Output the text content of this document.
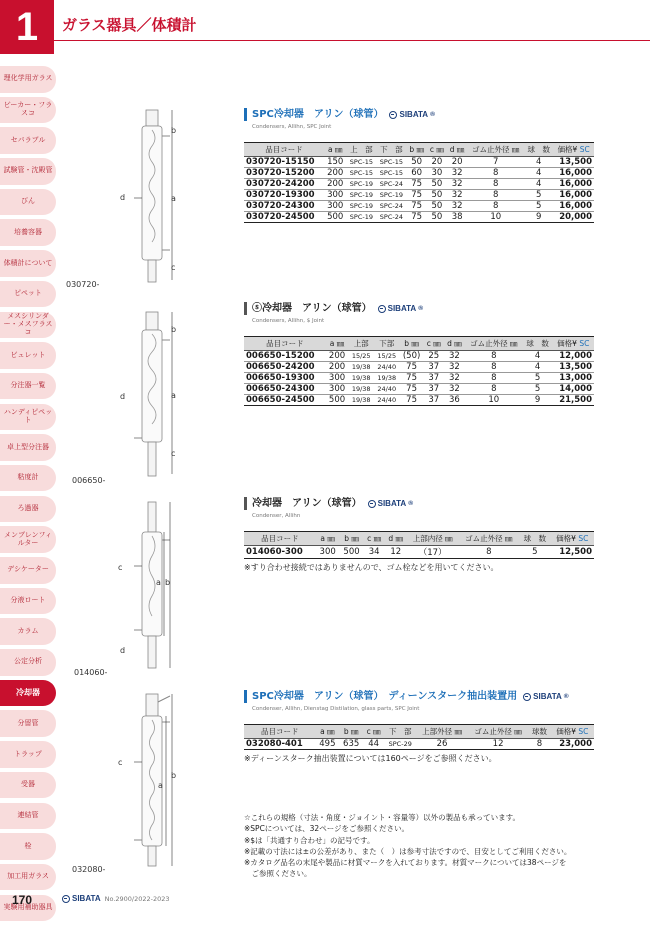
1	ガラス器具／体積計
理化学用ガラス
ビーカー・フラスコ
セパラブル
試験管・沈殿管
びん
培養容器
体積計について
ピペット
メスシリンダー・メスフラスコ
ビュレット
分注器一覧
ハンディピペット
卓上型分注器
粘度計
ろ過器
メンブレンフィルター
デシケーター
分液ロート
カラム
公定分析
冷却器
分留管
トラップ
受器
連結管
栓
加工用ガラス
実験用補助器具
b
a
c
d
030720-
b
a
c
d
006650-
c
a b
d
014060-
c
a
b
032080-
SPC冷却器　アリン（球管） SIBATA ®
Condensers, Allihn, SPC Joint
品目コード	a ㎜	上　部	下　部	b ㎜	c ㎜	d ㎜	ゴム止外径 ㎜	球　数	価格¥ SC
030720-15150	150	SPC-15	SPC-15	50	20	20	7	4	13,500
030720-15200	200	SPC-15	SPC-15	60	30	32	8	4	16,000
030720-24200	200	SPC-19	SPC-24	75	50	32	8	4	16,000
030720-19300	300	SPC-19	SPC-19	75	50	32	8	5	16,000
030720-24300	300	SPC-19	SPC-24	75	50	32	8	5	16,000
030720-24500	500	SPC-19	SPC-24	75	50	38	10	9	20,000
ⓢ冷却器　アリン（球管） SIBATA ®
Condensers, Allihn, $ Joint
品目コード	a ㎜	上部	下部	b ㎜	c ㎜	d ㎜	ゴム止外径 ㎜	球　数	価格¥ SC
006650-15200	200	15/25	15/25	(50)	25	32	8	4	12,000
006650-24200	200	19/38	24/40	75	37	32	8	4	13,500
006650-19300	300	19/38	19/38	75	37	32	8	5	13,000
006650-24300	300	19/38	24/40	75	37	32	8	5	14,000
006650-24500	500	19/38	24/40	75	37	36	10	9	21,500
冷却器　アリン（球管） SIBATA ®
Condenser, Allihn
品目コード	a ㎜	b ㎜	c ㎜	d ㎜	上部内径 ㎜	ゴム止外径 ㎜	球　数	価格¥ SC
014060-300	300	500	34	12	（17）	8	5	12,500
※すり合わせ接続ではありませんので、ゴム栓などを用いてください。
SPC冷却器　アリン（球管）　ディーンスターク抽出装置用 SIBATA ®
Condenser, Allihn, Dienstag Distilation, glass parts, SPC Joint
品目コード	a ㎜	b ㎜	c ㎜	下　部	上部外径 ㎜	ゴム止外径 ㎜	球数	価格¥ SC
032080-401	495	635	44	SPC-29	26	12	8	23,000
※ディーンスターク抽出装置については160ページをご参照ください。
☆これらの規格（寸法・角度・ジョイント・容量等）以外の製品も承っています。
※SPCについては、32ページをご参照ください。
※$は「共通すり合わせ」の記号です。
※記載の寸法には±の公差があり、また（　）は参考寸法ですので、目安としてご利用ください。
※カタログ品名の末尾や製品に材質マークを入れております。材質マークについては38ページを
　ご参照ください。
170	SIBATA No.2900/2022-2023
